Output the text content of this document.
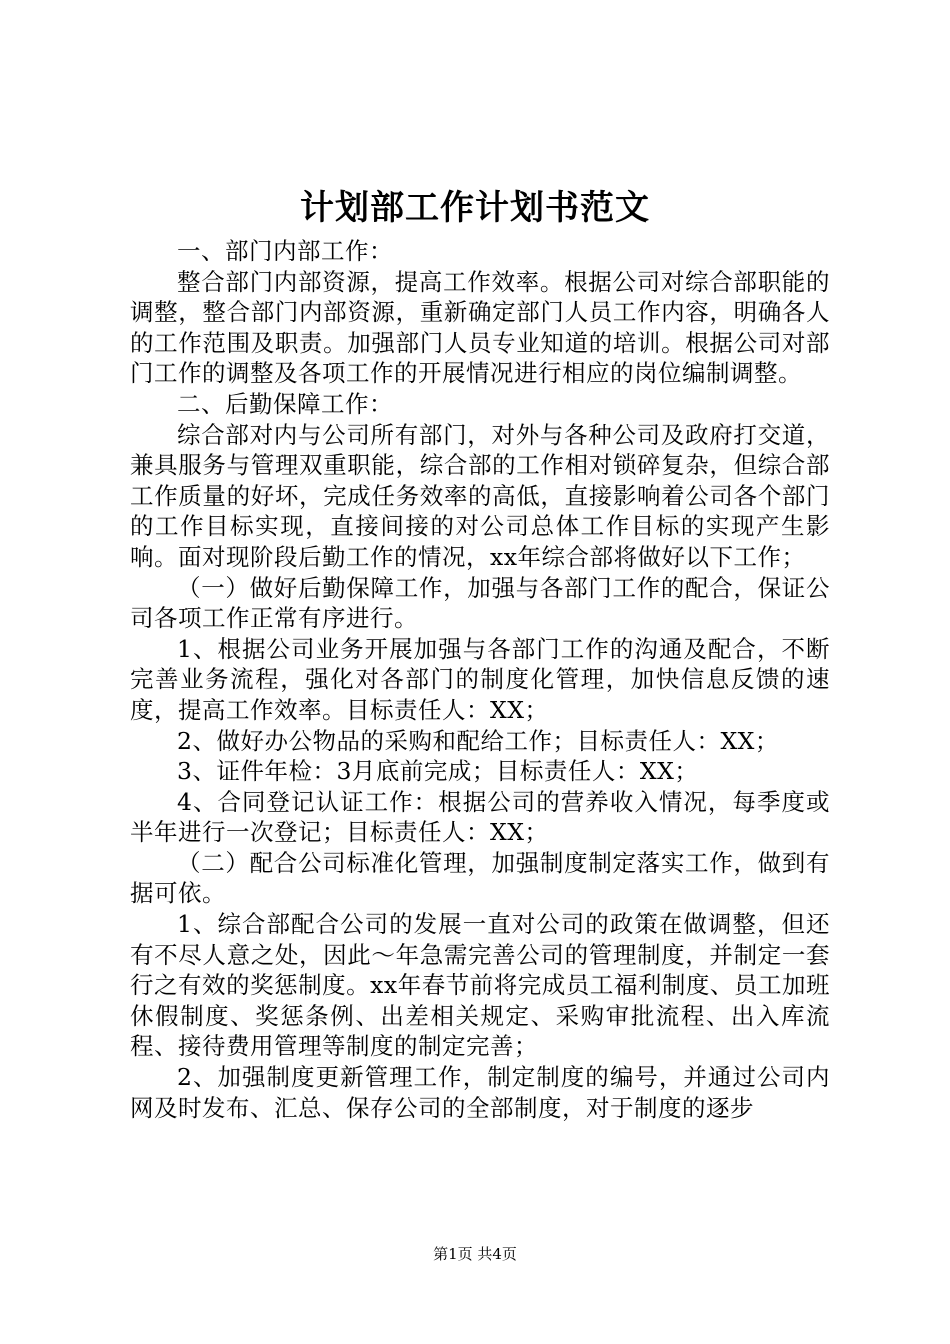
计划部工作计划书范文

一、部门内部工作：

整合部门内部资源，提高工作效率。根据公司对综合部职能的调整，整合部门内部资源，重新确定部门人员工作内容，明确各人的工作范围及职责。加强部门人员专业知道的培训。根据公司对部门工作的调整及各项工作的开展情况进行相应的岗位编制调整。

二、后勤保障工作：

综合部对内与公司所有部门，对外与各种公司及政府打交道，兼具服务与管理双重职能，综合部的工作相对锁碎复杂，但综合部工作质量的好坏，完成任务效率的高低，直接影响着公司各个部门的工作目标实现，直接间接的对公司总体工作目标的实现产生影响。面对现阶段后勤工作的情况，xx年综合部将做好以下工作；

（一）做好后勤保障工作，加强与各部门工作的配合，保证公司各项工作正常有序进行。

1、根据公司业务开展加强与各部门工作的沟通及配合，不断完善业务流程，强化对各部门的制度化管理，加快信息反馈的速度，提高工作效率。目标责任人：XX；

2、做好办公物品的采购和配给工作；目标责任人：XX；

3、证件年检：3月底前完成；目标责任人：XX；

4、合同登记认证工作：根据公司的营养收入情况，每季度或半年进行一次登记；目标责任人：XX；

（二）配合公司标准化管理，加强制度制定落实工作，做到有据可依。

1、综合部配合公司的发展一直对公司的政策在做调整，但还有不尽人意之处，因此～年急需完善公司的管理制度，并制定一套行之有效的奖惩制度。xx年春节前将完成员工福利制度、员工加班休假制度、奖惩条例、出差相关规定、采购审批流程、出入库流程、接待费用管理等制度的制定完善；

2、加强制度更新管理工作，制定制度的编号，并通过公司内网及时发布、汇总、保存公司的全部制度，对于制度的逐步

第1页 共4页
